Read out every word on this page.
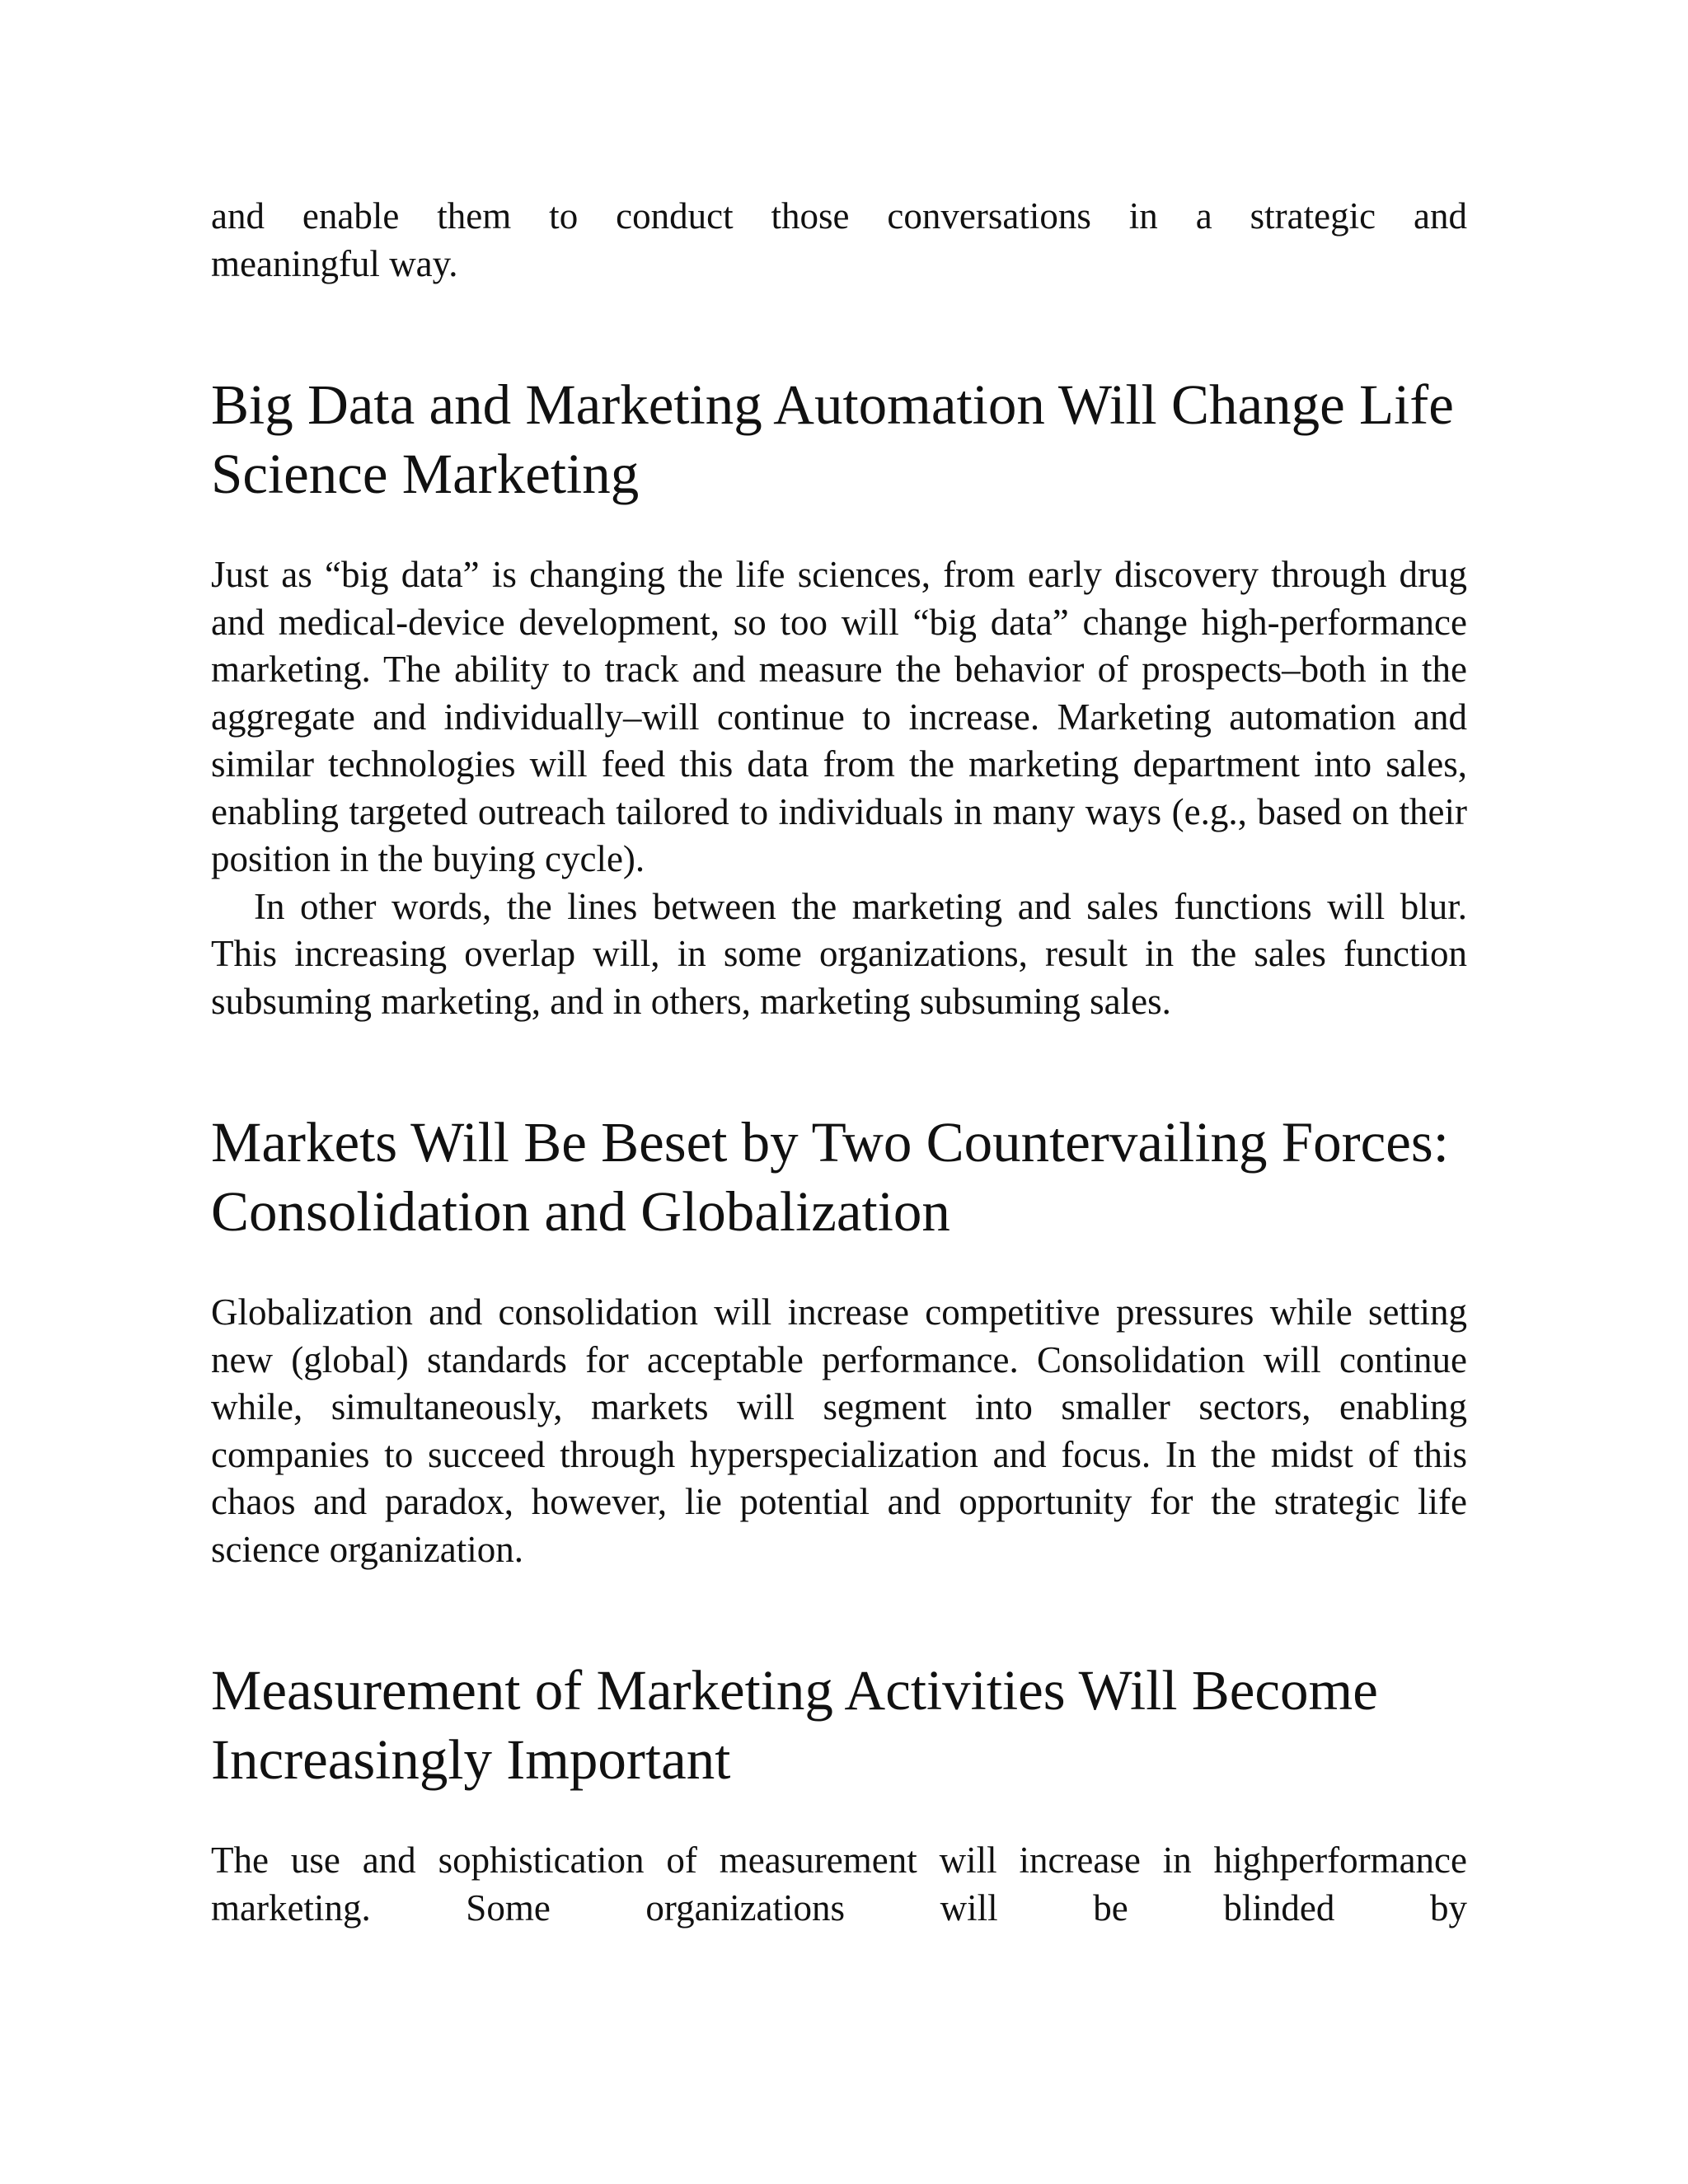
and enable them to conduct those conversations in a strategic and
meaningful way.

Big Data and Marketing Automation Will Change Life Science Marketing

Just as “big data” is changing the life sciences, from early discovery through drug and medical-device development, so too will “big data” change high-performance marketing. The ability to track and measure the behavior of prospects–both in the aggregate and individually–will continue to increase. Marketing automation and similar technologies will feed this data from the marketing department into sales, enabling targeted outreach tailored to individuals in many ways (e.g., based on their position in the buying cycle).

In other words, the lines between the marketing and sales functions will blur. This increasing overlap will, in some organizations, result in the sales function subsuming marketing, and in others, marketing subsuming sales.

Markets Will Be Beset by Two Countervailing Forces: Consolidation and Globalization

Globalization and consolidation will increase competitive pressures while setting new (global) standards for acceptable performance. Consolidation will continue while, simultaneously, markets will segment into smaller sectors, enabling companies to succeed through hyperspecialization and focus. In the midst of this chaos and paradox, however, lie potential and opportunity for the strategic life science organization.

Measurement of Marketing Activities Will Become Increasingly Important

The use and sophistication of measurement will increase in highperformance marketing. Some organizations will be blinded by
